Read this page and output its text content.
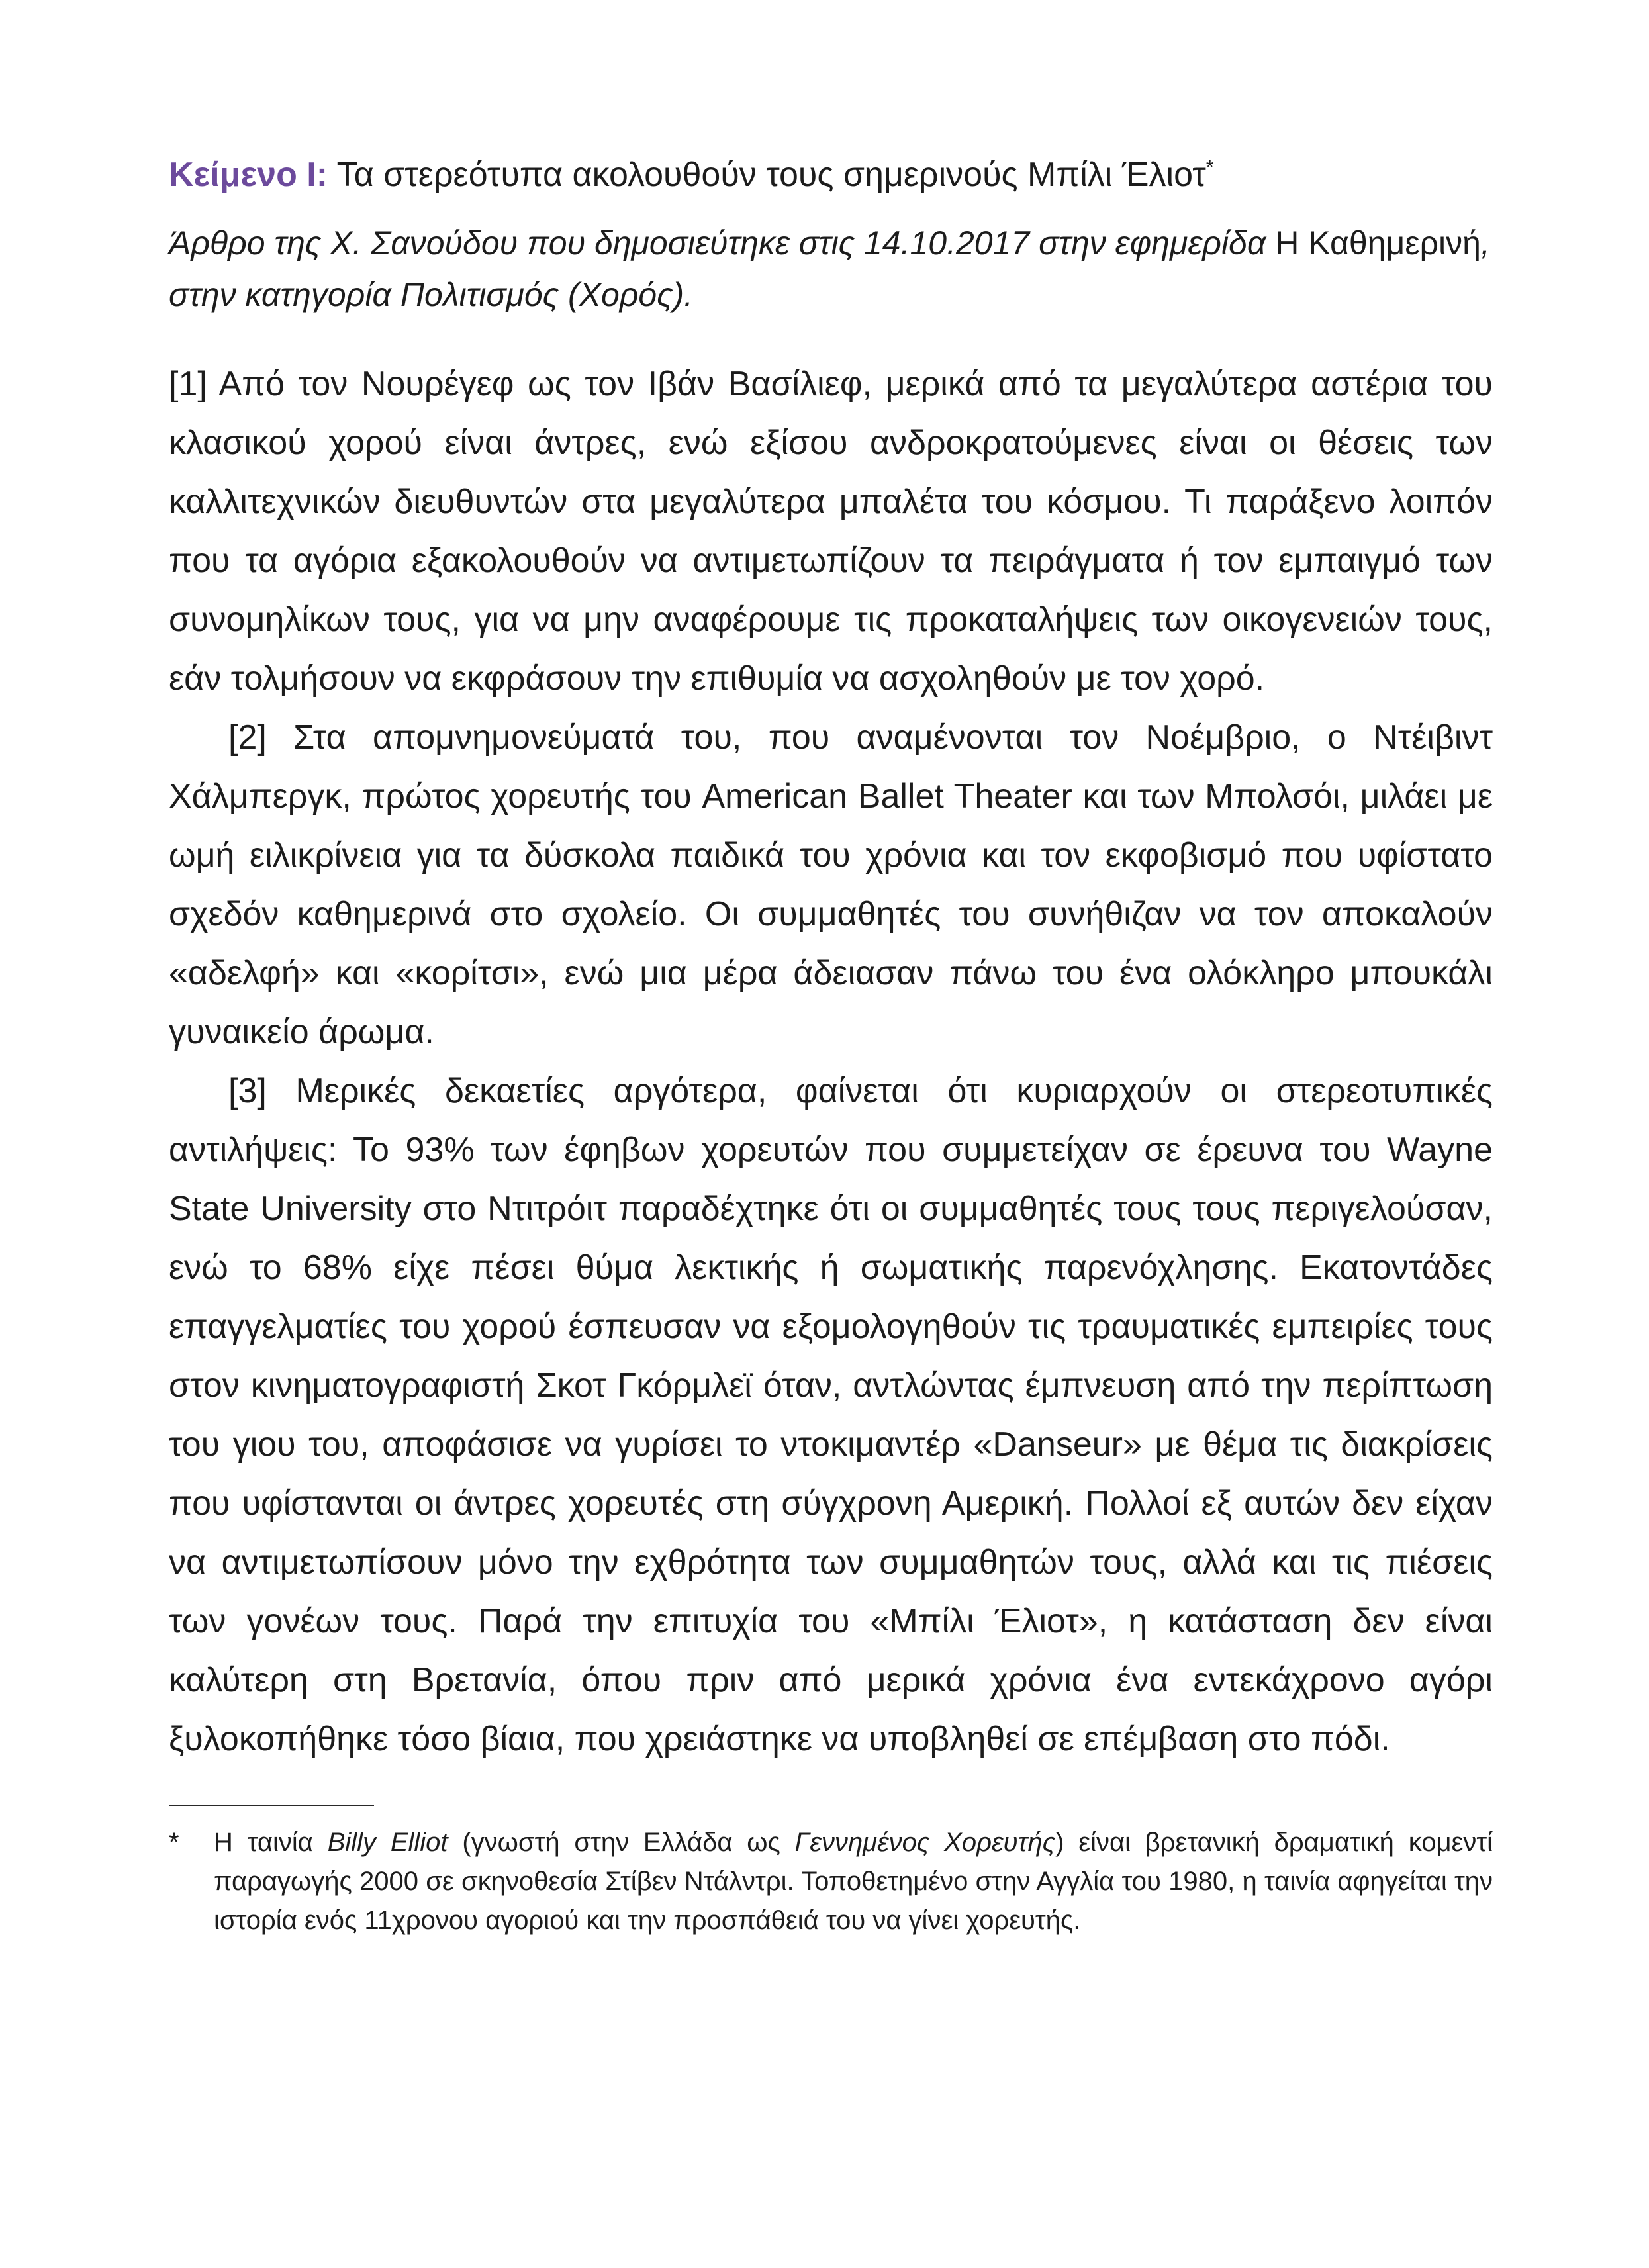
Κείμενο Ι: Τα στερεότυπα ακολουθούν τους σημερινούς Μπίλι Έλιοτ*
Άρθρο της Χ. Σανούδου που δημοσιεύτηκε στις 14.10.2017 στην εφημερίδα Η Καθημερινή, στην κατηγορία Πολιτισμός (Χορός).

[1] Από τον Νουρέγεφ ως τον Ιβάν Βασίλιεφ, μερικά από τα μεγαλύτερα αστέρια του κλασικού χορού είναι άντρες, ενώ εξίσου ανδροκρατούμενες είναι οι θέσεις των καλλιτεχνικών διευθυντών στα μεγαλύτερα μπαλέτα του κόσμου. Τι παράξενο λοιπόν που τα αγόρια εξακολουθούν να αντιμετωπίζουν τα πειράγματα ή τον εμπαιγμό των συνομηλίκων τους, για να μην αναφέρουμε τις προκαταλήψεις των οικογενειών τους, εάν τολμήσουν να εκφράσουν την επιθυμία να ασχοληθούν με τον χορό.

[2] Στα απομνημονεύματά του, που αναμένονται τον Νοέμβριο, ο Ντέιβιντ Χάλμπεργκ, πρώτος χορευτής του American Ballet Theater και των Μπολσόι, μιλάει με ωμή ειλικρίνεια για τα δύσκολα παιδικά του χρόνια και τον εκφοβισμό που υφίστατο σχεδόν καθημερινά στο σχολείο. Οι συμμαθητές του συνήθιζαν να τον αποκαλούν «αδελφή» και «κορίτσι», ενώ μια μέρα άδειασαν πάνω του ένα ολόκληρο μπουκάλι γυναικείο άρωμα.

[3] Μερικές δεκαετίες αργότερα, φαίνεται ότι κυριαρχούν οι στερεοτυπικές αντιλήψεις: Το 93% των έφηβων χορευτών που συμμετείχαν σε έρευνα του Wayne State University στο Ντιτρόιτ παραδέχτηκε ότι οι συμμαθητές τους τους περιγελούσαν, ενώ το 68% είχε πέσει θύμα λεκτικής ή σωματικής παρενόχλησης. Εκατοντάδες επαγγελματίες του χορού έσπευσαν να εξομολογηθούν τις τραυματικές εμπειρίες τους στον κινηματογραφιστή Σκοτ Γκόρμλεϊ όταν, αντλώντας έμπνευση από την περίπτωση του γιου του, αποφάσισε να γυρίσει το ντοκιμαντέρ «Danseur» με θέμα τις διακρίσεις που υφίστανται οι άντρες χορευτές στη σύγχρονη Αμερική. Πολλοί εξ αυτών δεν είχαν να αντιμετωπίσουν μόνο την εχθρότητα των συμμαθητών τους, αλλά και τις πιέσεις των γονέων τους. Παρά την επιτυχία του «Μπίλι Έλιοτ», η κατάσταση δεν είναι καλύτερη στη Βρετανία, όπου πριν από μερικά χρόνια ένα εντεκάχρονο αγόρι ξυλοκοπήθηκε τόσο βίαια, που χρειάστηκε να υποβληθεί σε επέμβαση στο πόδι.

* Η ταινία Billy Elliot (γνωστή στην Ελλάδα ως Γεννημένος Χορευτής) είναι βρετανική δραματική κομεντί παραγωγής 2000 σε σκηνοθεσία Στίβεν Ντάλντρι. Τοποθετημένο στην Αγγλία του 1980, η ταινία αφηγείται την ιστορία ενός 11χρονου αγοριού και την προσπάθειά του να γίνει χορευτής.
